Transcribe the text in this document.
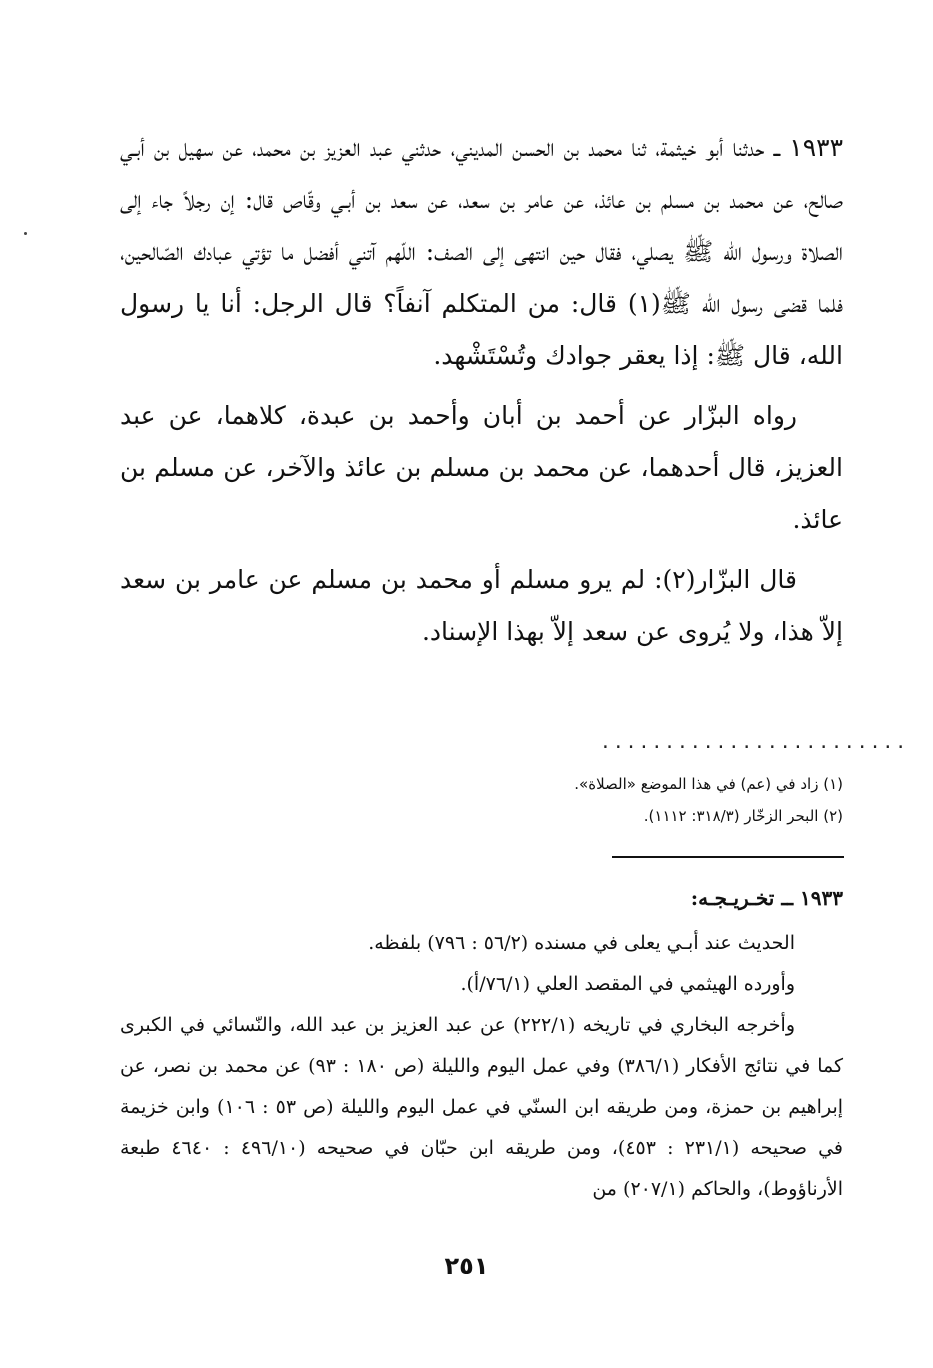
١٩٣٣ ــ حدثنا أبو خيثمة، ثنا محمد بن الحسن المديني، حدثني عبد العزيز بن محمد، عن سهيل بن أبـي صالح، عن محمد بن مسلم بن عائذ، عن عامر بن سعد، عن سعد بن أبـي وقّاص قال: إن رجلاً جاء إلى الصلاة ورسول الله ﷺ يصلي، فقال حين انتهى إلى الصف: اللّهم آتني أفضل ما تؤتي عبادك الصّالحين، فلما قضى رسول الله ﷺ(١) قال: من المتكلم آنفاً؟ قال الرجل: أنا يا رسول الله، قال ﷺ: إذا يعقر جوادك وتُسْتَشْهد.

رواه البزّار عن أحمد بن أبان وأحمد بن عبدة، كلاهما، عن عبد العزيز، قال أحدهما، عن محمد بن مسلم بن عائذ والآخر، عن مسلم بن عائذ.

قال البزّار(٢): لم يرو مسلم أو محمد بن مسلم عن عامر بن سعد إلاّ هذا، ولا يُروى عن سعد إلاّ بهذا الإسناد.

........................
(١) زاد في (عم) في هذا الموضع «الصلاة».
(٢) البحر الزخّار (٣١٨/٣: ١١١٢).

١٩٣٣ ــ تخـريـجـه:

الحديث عند أبـي يعلى في مسنده (٥٦/٢ : ٧٩٦) بلفظه.

وأورده الهيثمي في المقصد العلي (٧٦/١/أ).

وأخرجه البخاري في تاريخه (٢٢٢/١) عن عبد العزيز بن عبد الله، والنّسائي في الكبرى كما في نتائج الأفكار (٣٨٦/١) وفي عمل اليوم والليلة (ص ١٨٠ : ٩٣) عن محمد بن نصر، عن إبراهيم بن حمزة، ومن طريقه ابن السنّي في عمل اليوم والليلة (ص ٥٣ : ١٠٦) وابن خزيمة في صحيحه (٢٣١/١ : ٤٥٣)، ومن طريقه ابن حبّان في صحيحه (٤٩٦/١٠ : ٤٦٤٠ طبعة الأرناؤوط)، والحاكم (٢٠٧/١) من

٢٥١
